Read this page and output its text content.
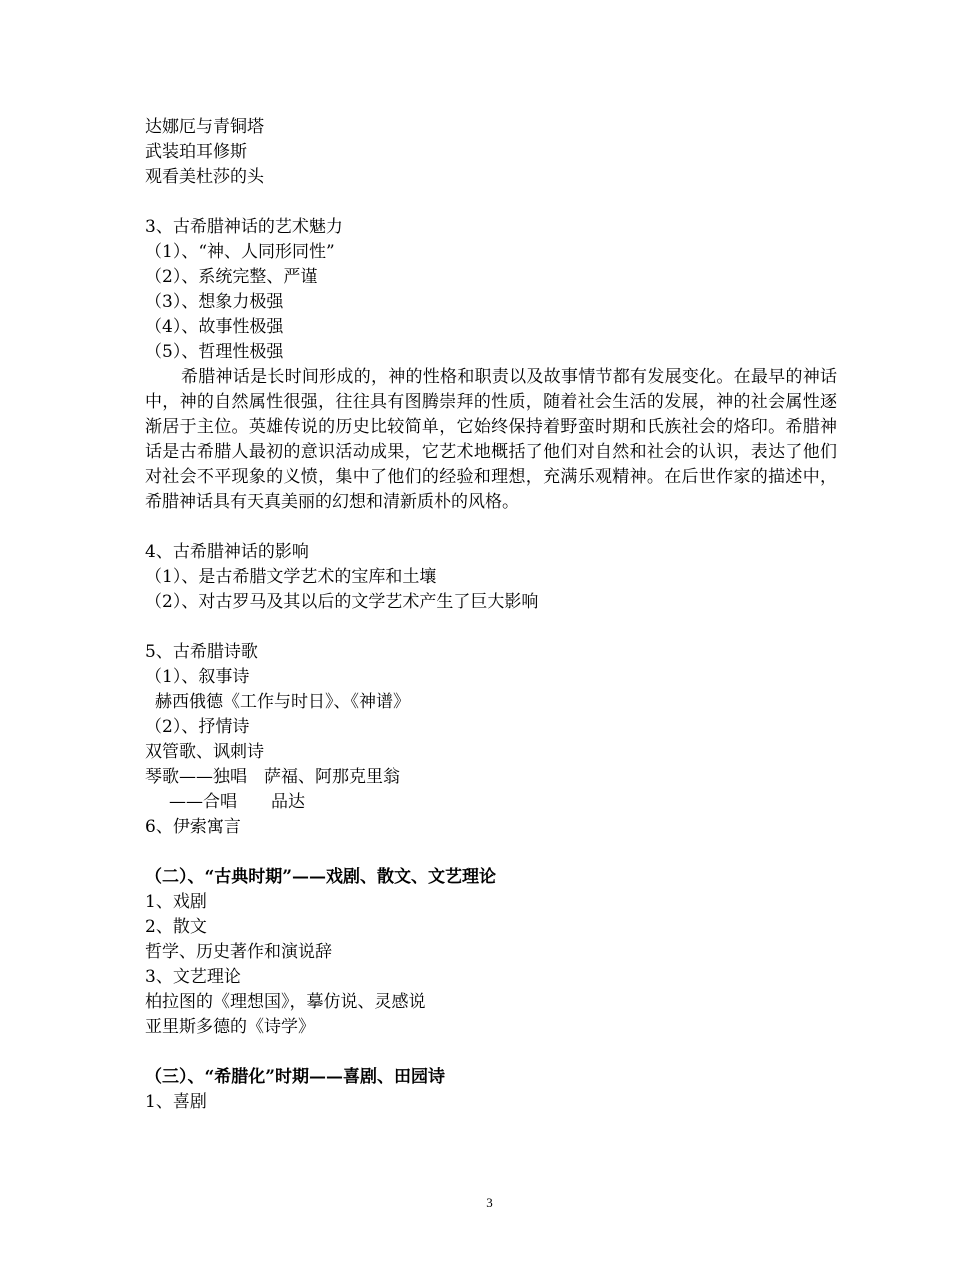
达娜厄与青铜塔
武装珀耳修斯
观看美杜莎的头
3、古希腊神话的艺术魅力
（1）、“神、人同形同性”
（2）、系统完整、严谨
（3）、想象力极强
（4）、故事性极强
（5）、哲理性极强
希腊神话是长时间形成的，神的性格和职责以及故事情节都有发展变化。在最早的神话中，神的自然属性很强，往往具有图腾崇拜的性质，随着社会生活的发展，神的社会属性逐渐居于主位。英雄传说的历史比较简单，它始终保持着野蛮时期和氏族社会的烙印。希腊神话是古希腊人最初的意识活动成果，它艺术地概括了他们对自然和社会的认识，表达了他们对社会不平现象的义愤，集中了他们的经验和理想，充满乐观精神。在后世作家的描述中，希腊神话具有天真美丽的幻想和清新质朴的风格。
4、古希腊神话的影响
（1）、是古希腊文学艺术的宝库和土壤
（2）、对古罗马及其以后的文学艺术产生了巨大影响
5、古希腊诗歌
（1）、叙事诗
赫西俄德《工作与时日》、《神谱》
（2）、抒情诗
双管歌、讽刺诗
琴歌——独唱　萨福、阿那克里翁
——合唱　　品达
6、伊索寓言
（二）、“古典时期”——戏剧、散文、文艺理论
1、戏剧
2、散文
哲学、历史著作和演说辞
3、文艺理论
柏拉图的《理想国》，摹仿说、灵感说
亚里斯多德的《诗学》
（三）、“希腊化”时期——喜剧、田园诗
1、喜剧
3
